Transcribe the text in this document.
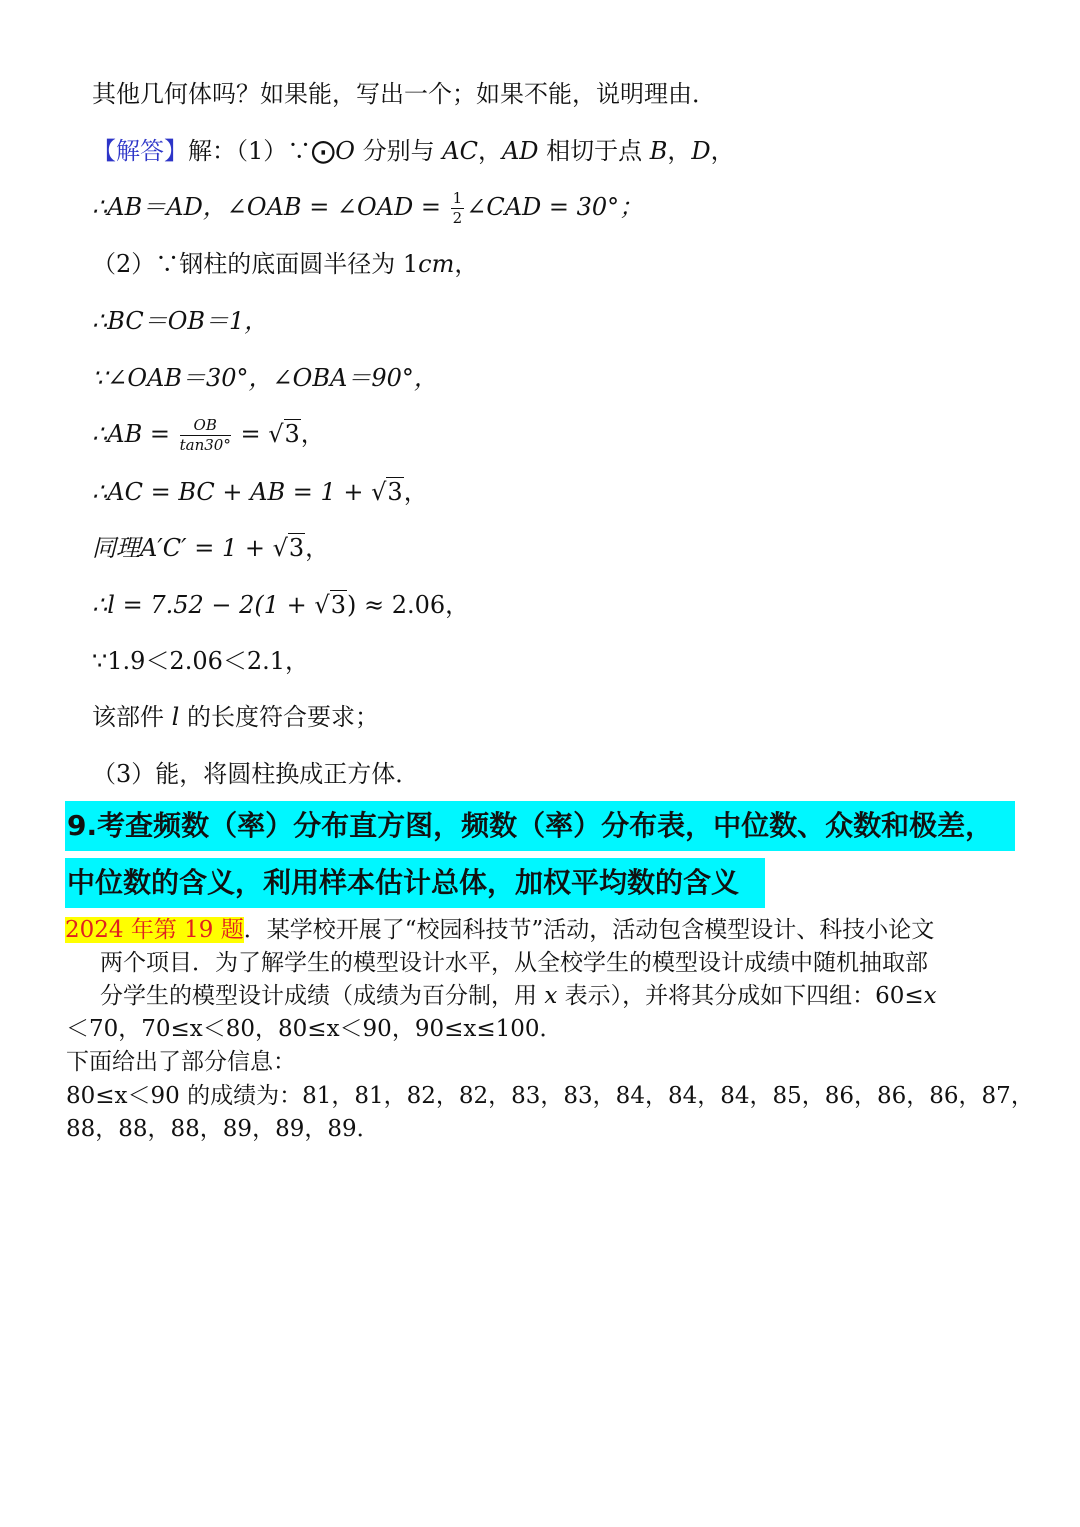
其他几何体吗？如果能，写出一个；如果不能，说明理由．
【解答】解：（1）∵⨀O 分别与 AC，AD 相切于点 B，D，
∴AB＝AD，∠OAB = ∠OAD = $\frac{1}{2}$ ∠CAD = 30°；
（2）∵钢柱的底面圆半径为 1cm，
∴BC＝OB＝1，
∵∠OAB＝30°，∠OBA＝90°，
∴AB = $\frac{OB}{\tan 30^\circ} = √3$，
∴AC = BC + AB = 1 + √3，
同理A′C′ = 1 + √3，
∴l = 7.52 − 2(1 + √3) ≈ 2.06，
∵1.9＜2.06＜2.1，
该部件 l 的长度符合要求；
（3）能，将圆柱换成正方体．
9.考查频数（率）分布直方图，频数（率）分布表，中位数、众数和极差，
中位数的含义，利用样本估计总体，加权平均数的含义
2024 年第 19 题．某学校开展了“校园科技节”活动，活动包含模型设计、科技小论文
两个项目．为了解学生的模型设计水平，从全校学生的模型设计成绩中随机抽取部
分学生的模型设计成绩（成绩为百分制，用 x 表示），并将其分成如下四组：60≤x
＜70，70≤x＜80，80≤x＜90，90≤x≤100．
下面给出了部分信息：
80≤x＜90 的成绩为：81，81，82，82，83，83，84，84，84，85，86，86，86，87，
88，88，88，89，89，89．
